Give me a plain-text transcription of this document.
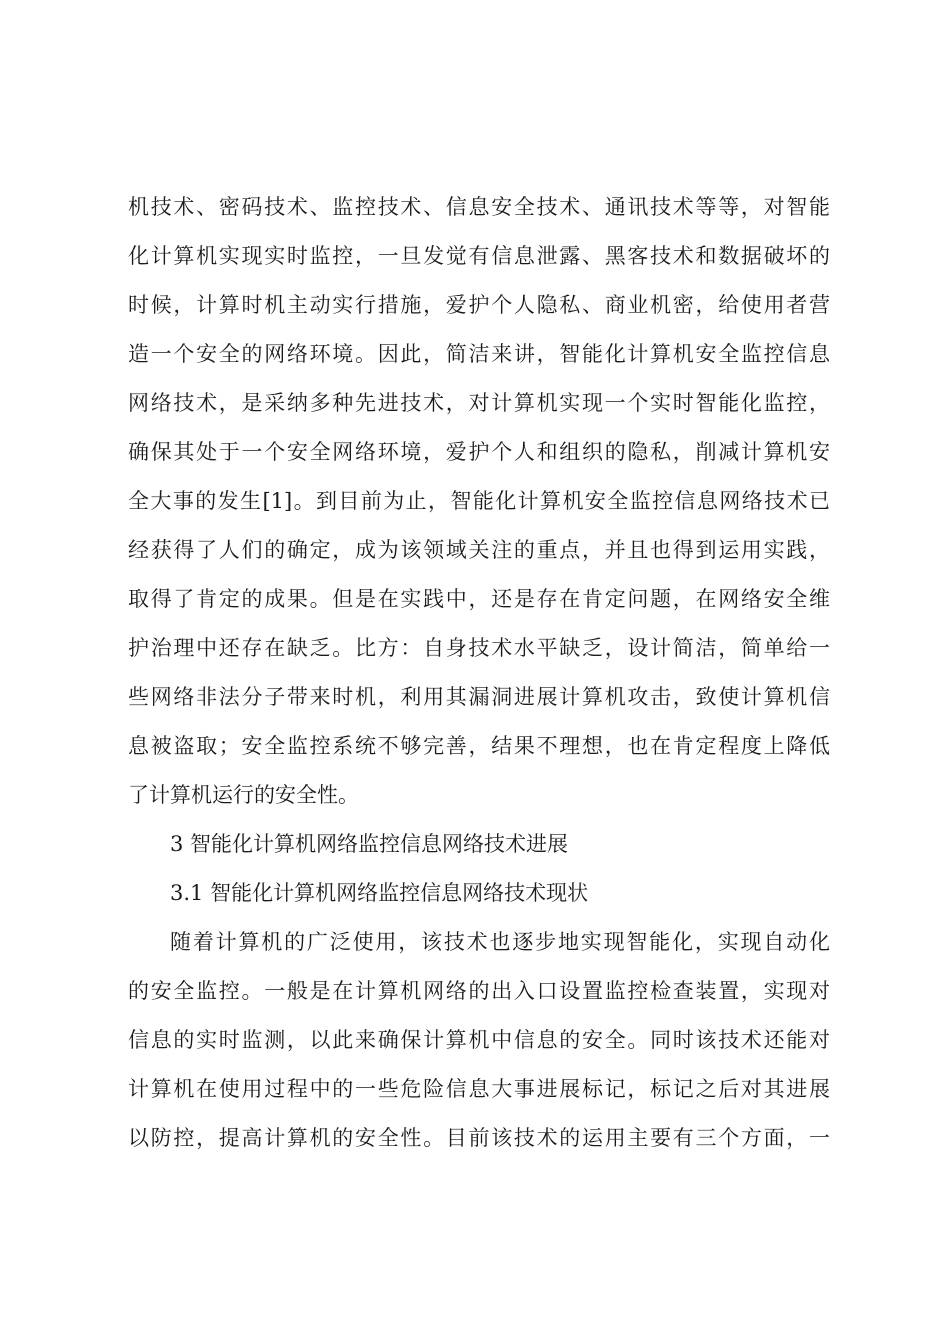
机技术、密码技术、监控技术、信息安全技术、通讯技术等等，对智能
化计算机实现实时监控，一旦发觉有信息泄露、黑客技术和数据破坏的
时候，计算时机主动实行措施，爱护个人隐私、商业机密，给使用者营
造一个安全的网络环境。因此，简洁来讲，智能化计算机安全监控信息
网络技术，是采纳多种先进技术，对计算机实现一个实时智能化监控，
确保其处于一个安全网络环境，爱护个人和组织的隐私，削减计算机安
全大事的发生[1]。到目前为止，智能化计算机安全监控信息网络技术已
经获得了人们的确定，成为该领域关注的重点，并且也得到运用实践，
取得了肯定的成果。但是在实践中，还是存在肯定问题，在网络安全维
护治理中还存在缺乏。比方：自身技术水平缺乏，设计简洁，简单给一
些网络非法分子带来时机，利用其漏洞进展计算机攻击，致使计算机信
息被盗取；安全监控系统不够完善，结果不理想，也在肯定程度上降低
了计算机运行的安全性。
3 智能化计算机网络监控信息网络技术进展
3.1 智能化计算机网络监控信息网络技术现状
随着计算机的广泛使用，该技术也逐步地实现智能化，实现自动化
的安全监控。一般是在计算机网络的出入口设置监控检查装置，实现对
信息的实时监测，以此来确保计算机中信息的安全。同时该技术还能对
计算机在使用过程中的一些危险信息大事进展标记，标记之后对其进展
以防控，提高计算机的安全性。目前该技术的运用主要有三个方面，一
